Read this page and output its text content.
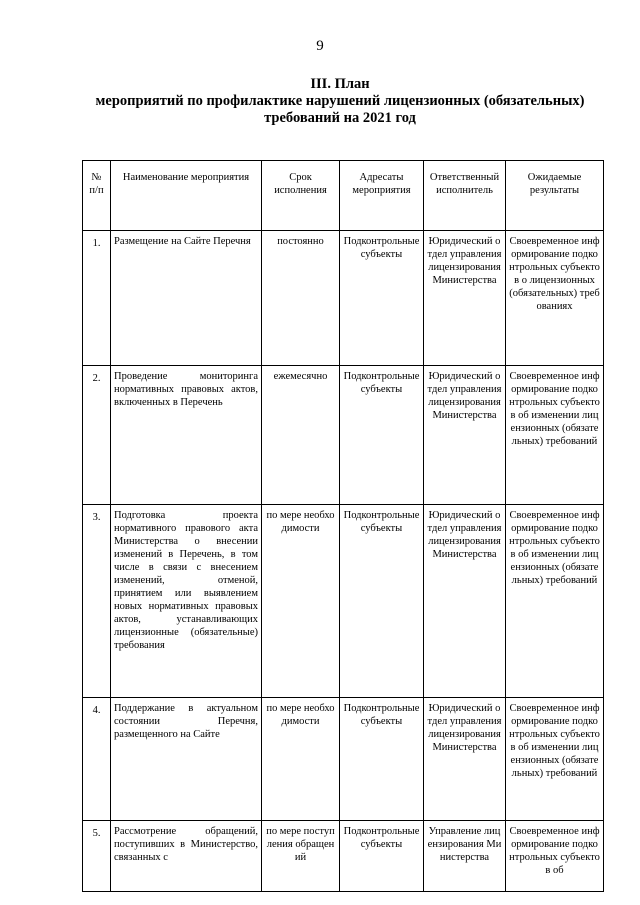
9
III. План
мероприятий по профилактике нарушений лицензионных (обязательных)
требований на 2021 год
№ п/п	Наименование мероприятия	Срок исполнения	Адресаты мероприятия	Ответственный исполнитель	Ожидаемые результаты
1.	Размещение на Сайте Перечня	постоянно	Подконтрольные субъекты	Юридический отдел управления лицензирования Министерства	Своевременное информирование подконтрольных субъектов о лицензионных (обязательных) требованиях
2.	Проведение мониторинга нормативных правовых актов, включенных в Перечень	ежемесячно	Подконтрольные субъекты	Юридический отдел управления лицензирования Министерства	Своевременное информирование подконтрольных субъектов об изменении лицензионных (обязательных) требований
3.	Подготовка проекта нормативного правового акта Министерства о внесении изменений в Перечень, в том числе в связи с внесением изменений, отменой, принятием или выявлением новых нормативных правовых актов, устанавливающих лицензионные (обязательные) требования	по мере необходимости	Подконтрольные субъекты	Юридический отдел управления лицензирования Министерства	Своевременное информирование подконтрольных субъектов об изменении лицензионных (обязательных) требований
4.	Поддержание в актуальном состоянии Перечня, размещенного на Сайте	по мере необходимости	Подконтрольные субъекты	Юридический отдел управления лицензирования Министерства	Своевременное информирование подконтрольных субъектов об изменении лицензионных (обязательных) требований
5.	Рассмотрение обращений, поступивших в Министерство, связанных с	по мере поступления обращений	Подконтрольные субъекты	Управление лицензирования Министерства	Своевременное информирование подконтрольных субъектов об
